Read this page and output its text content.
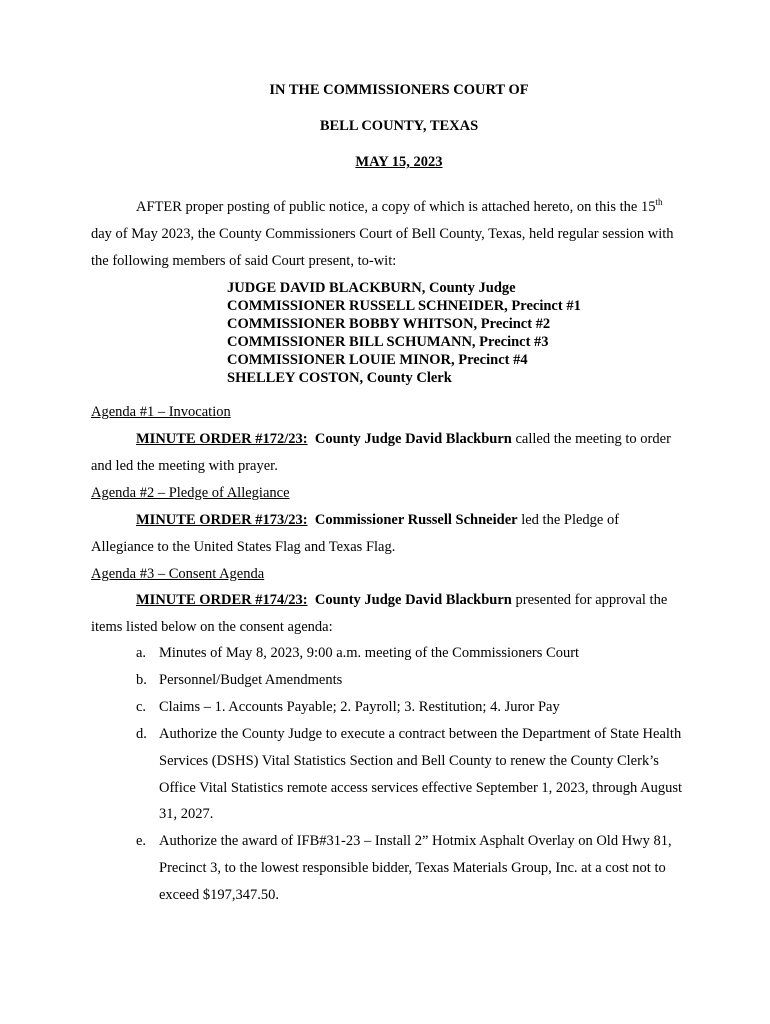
IN THE COMMISSIONERS COURT OF
BELL COUNTY, TEXAS
MAY 15, 2023
AFTER proper posting of public notice, a copy of which is attached hereto, on this the 15th
day of May 2023, the County Commissioners Court of Bell County, Texas, held regular session with
the following members of said Court present, to-wit:
JUDGE DAVID BLACKBURN, County Judge
COMMISSIONER RUSSELL SCHNEIDER, Precinct #1
COMMISSIONER BOBBY WHITSON, Precinct #2
COMMISSIONER BILL SCHUMANN, Precinct #3
COMMISSIONER LOUIE MINOR, Precinct #4
SHELLEY COSTON, County Clerk
Agenda #1 – Invocation
MINUTE ORDER #172/23: County Judge David Blackburn called the meeting to order
and led the meeting with prayer.
Agenda #2 – Pledge of Allegiance
MINUTE ORDER #173/23: Commissioner Russell Schneider led the Pledge of
Allegiance to the United States Flag and Texas Flag.
Agenda #3 – Consent Agenda
MINUTE ORDER #174/23: County Judge David Blackburn presented for approval the
items listed below on the consent agenda:
a. Minutes of May 8, 2023, 9:00 a.m. meeting of the Commissioners Court
b. Personnel/Budget Amendments
c. Claims – 1. Accounts Payable; 2. Payroll; 3. Restitution; 4. Juror Pay
d. Authorize the County Judge to execute a contract between the Department of State Health
Services (DSHS) Vital Statistics Section and Bell County to renew the County Clerk’s
Office Vital Statistics remote access services effective September 1, 2023, through August
31, 2027.
e. Authorize the award of IFB#31-23 – Install 2” Hotmix Asphalt Overlay on Old Hwy 81,
Precinct 3, to the lowest responsible bidder, Texas Materials Group, Inc. at a cost not to
exceed $197,347.50.
